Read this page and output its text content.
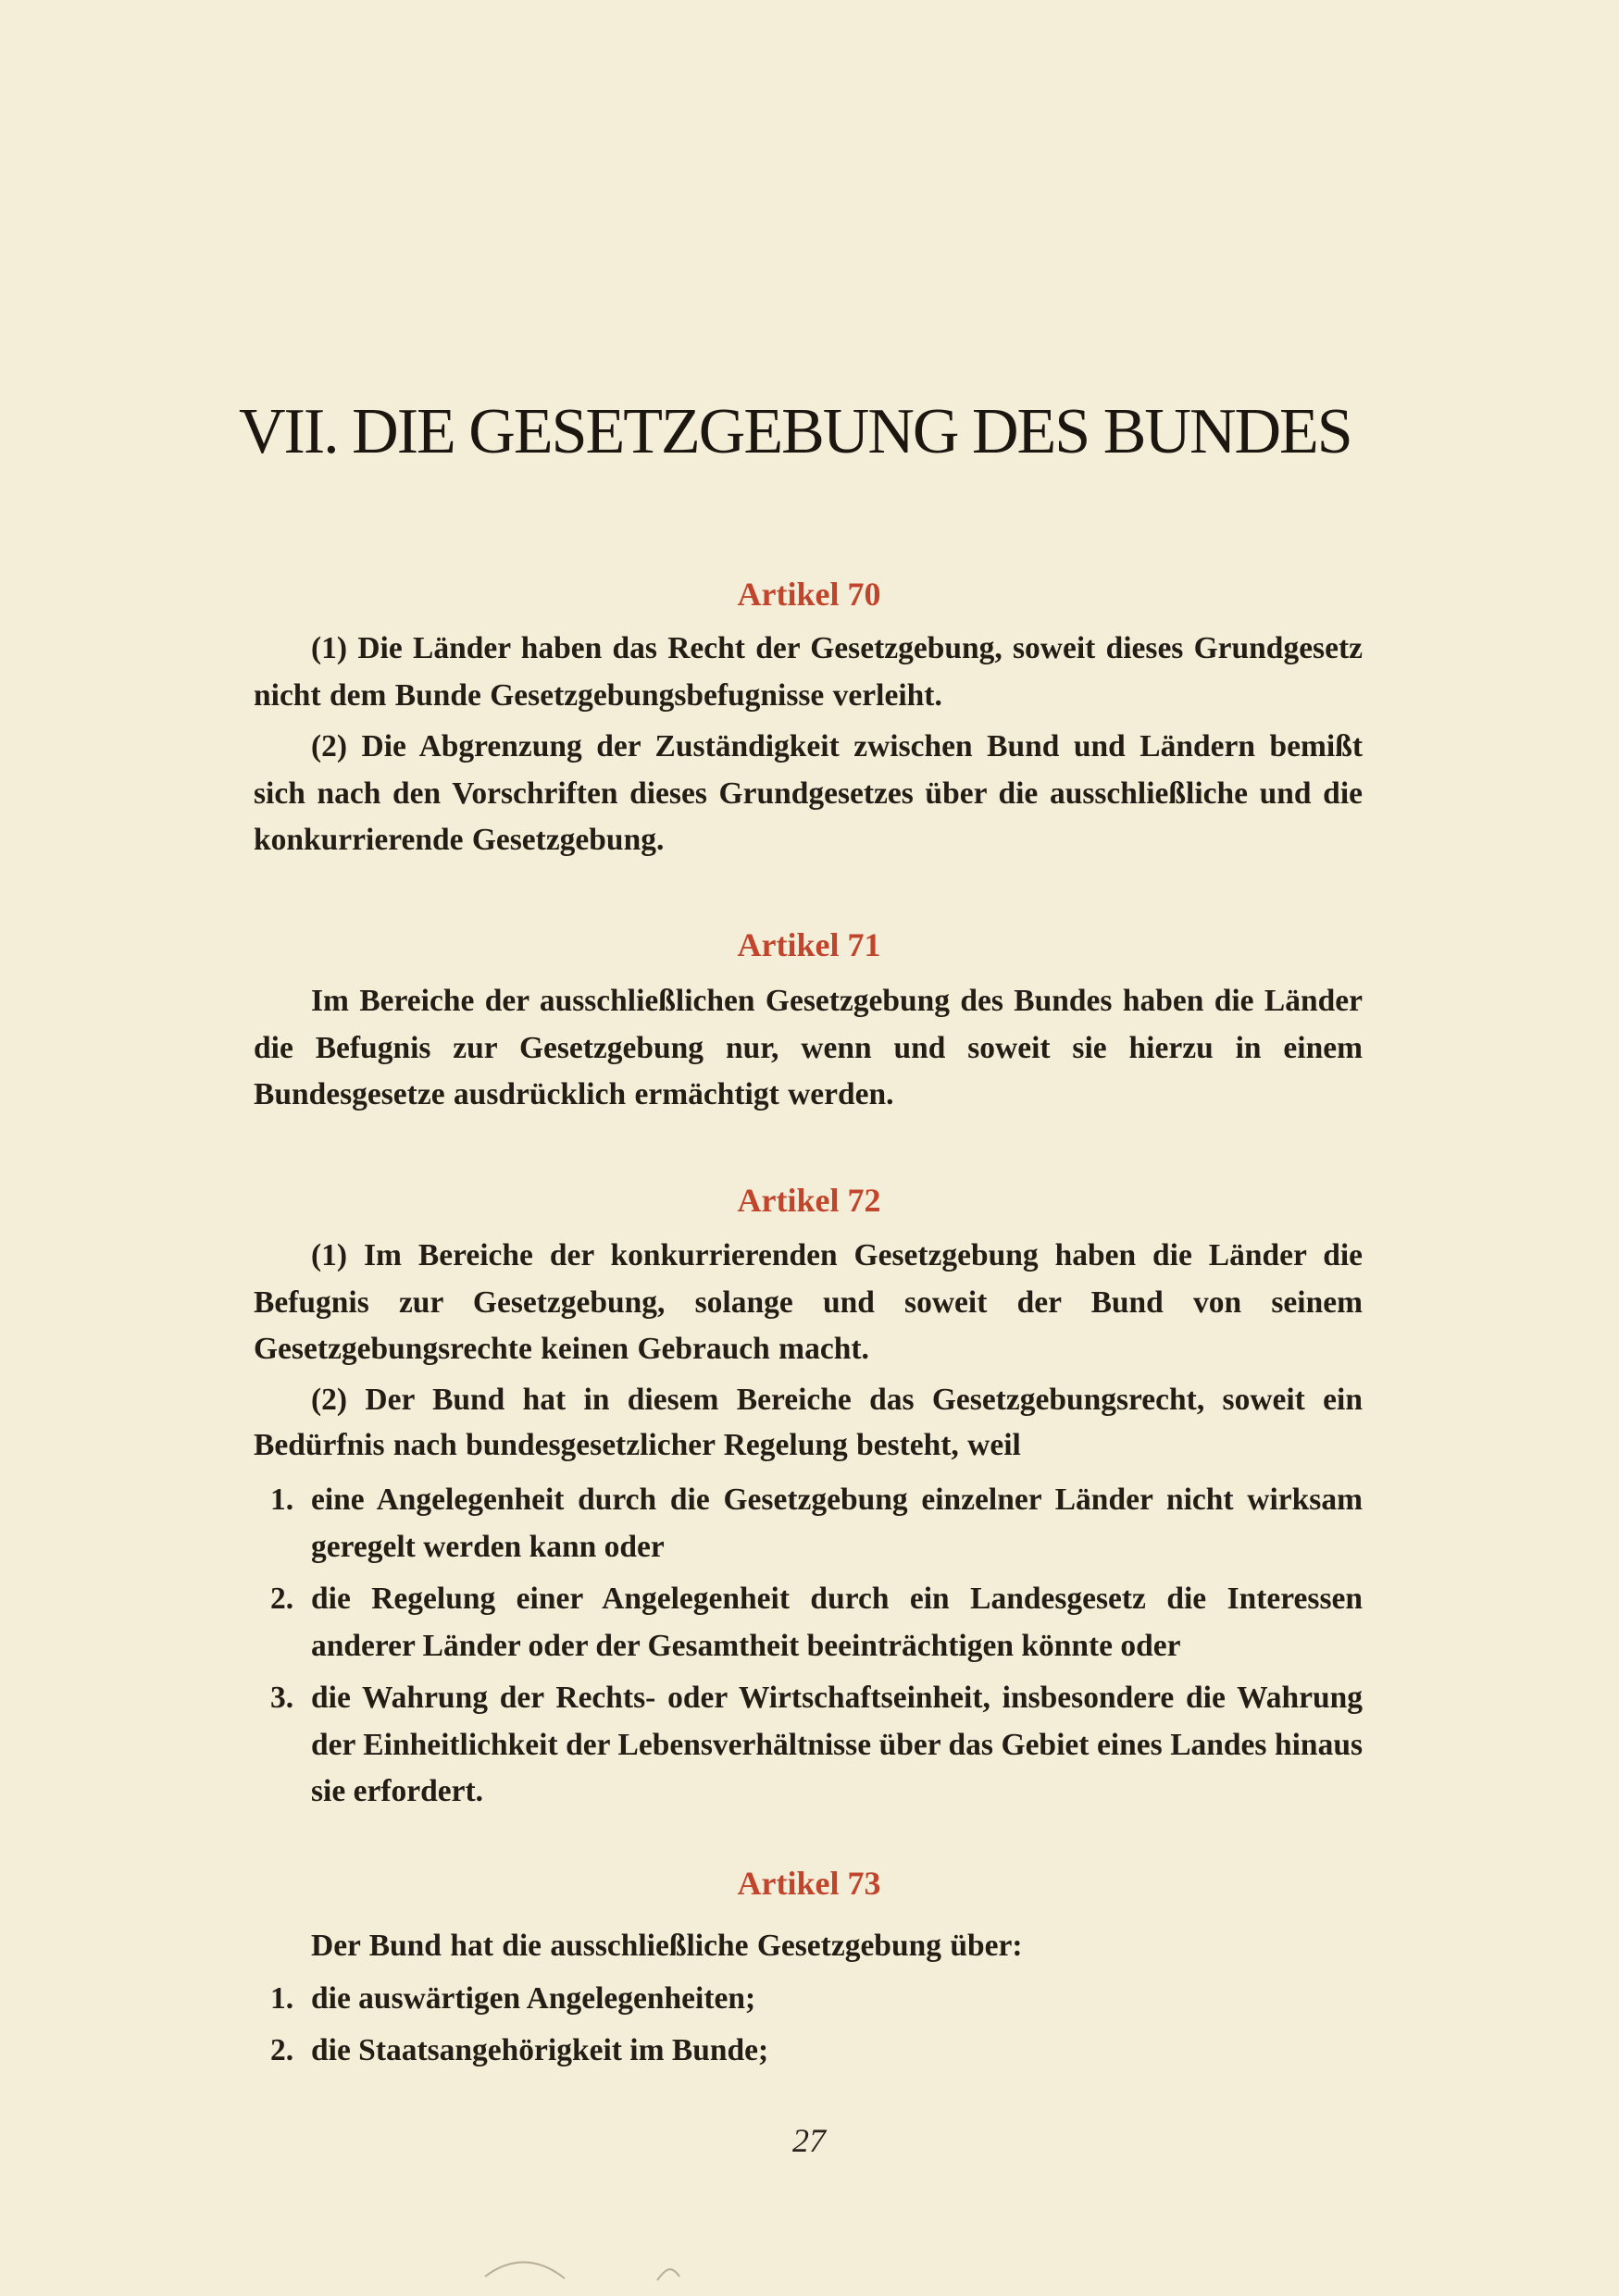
VII. DIE GESETZGEBUNG DES BUNDES
Artikel 70

(1) Die Länder haben das Recht der Gesetzgebung, soweit dieses Grundgesetz nicht dem Bunde Gesetzgebungsbefugnisse verleiht.

(2) Die Abgrenzung der Zuständigkeit zwischen Bund und Ländern bemißt sich nach den Vorschriften dieses Grundgesetzes über die ausschließliche und die konkurrierende Gesetzgebung.

Artikel 71

Im Bereiche der ausschließlichen Gesetzgebung des Bundes haben die Länder die Befugnis zur Gesetzgebung nur, wenn und soweit sie hierzu in einem Bundesgesetze ausdrücklich ermächtigt werden.

Artikel 72

(1) Im Bereiche der konkurrierenden Gesetzgebung haben die Länder die Befugnis zur Gesetzgebung, solange und soweit der Bund von seinem Gesetzgebungsrechte keinen Gebrauch macht.

(2) Der Bund hat in diesem Bereiche das Gesetzgebungsrecht, soweit ein Bedürfnis nach bundesgesetzlicher Regelung besteht, weil

1. eine Angelegenheit durch die Gesetzgebung einzelner Länder nicht wirksam geregelt werden kann oder
2. die Regelung einer Angelegenheit durch ein Landesgesetz die Interessen anderer Länder oder der Gesamtheit beeinträchtigen könnte oder
3. die Wahrung der Rechts- oder Wirtschaftseinheit, insbesondere die Wahrung der Einheitlichkeit der Lebensverhältnisse über das Gebiet eines Landes hinaus sie erfordert.
Artikel 73

Der Bund hat die ausschließliche Gesetzgebung über:

1. die auswärtigen Angelegenheiten;
2. die Staatsangehörigkeit im Bunde;
27
